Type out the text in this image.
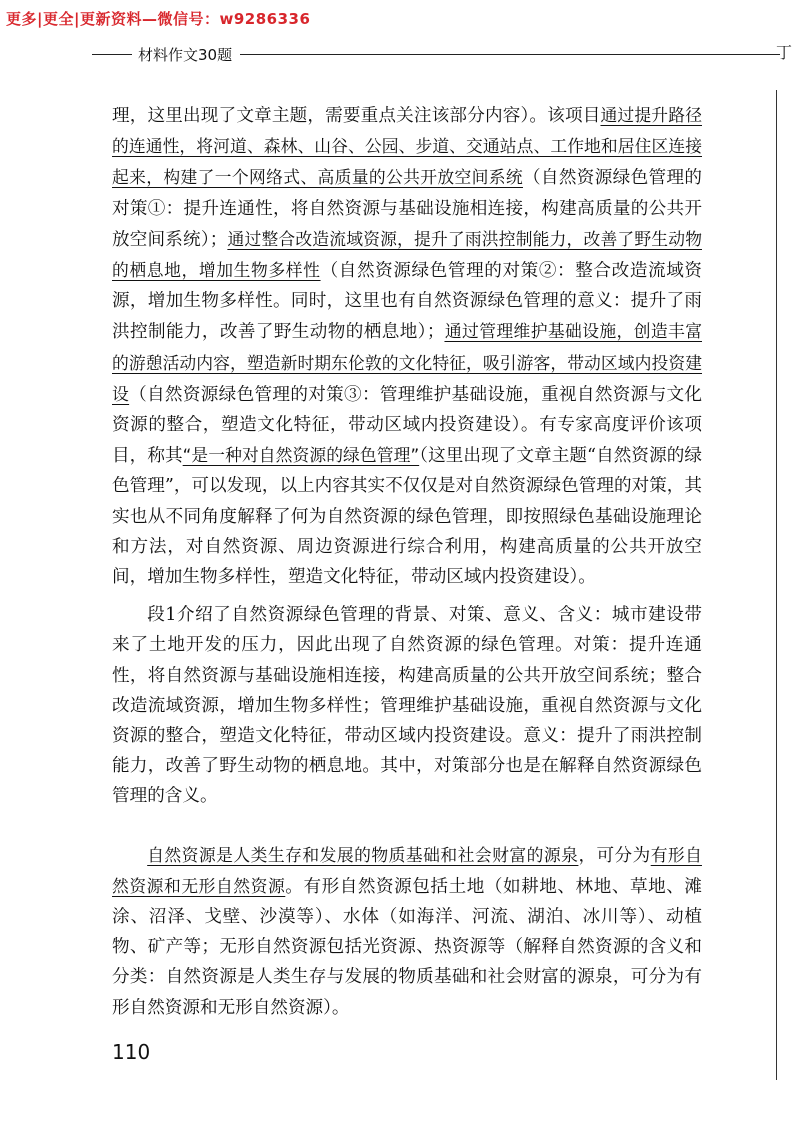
更多|更全|更新资料—微信号：w9286336
材料作文30题	丁
理，这里出现了文章主题，需要重点关注该部分内容）。该项目通过提升路径的连通性，将河道、森林、山谷、公园、步道、交通站点、工作地和居住区连接起来，构建了一个网络式、高质量的公共开放空间系统（自然资源绿色管理的对策①：提升连通性，将自然资源与基础设施相连接，构建高质量的公共开放空间系统）；通过整合改造流域资源，提升了雨洪控制能力，改善了野生动物的栖息地，增加生物多样性（自然资源绿色管理的对策②：整合改造流域资源，增加生物多样性。同时，这里也有自然资源绿色管理的意义：提升了雨洪控制能力，改善了野生动物的栖息地）；通过管理维护基础设施，创造丰富的游憩活动内容，塑造新时期东伦敦的文化特征，吸引游客，带动区域内投资建设（自然资源绿色管理的对策③：管理维护基础设施，重视自然资源与文化资源的整合，塑造文化特征，带动区域内投资建设）。有专家高度评价该项目，称其“是一种对自然资源的绿色管理”（这里出现了文章主题“自然资源的绿色管理”，可以发现，以上内容其实不仅仅是对自然资源绿色管理的对策，其实也从不同角度解释了何为自然资源的绿色管理，即按照绿色基础设施理论和方法，对自然资源、周边资源进行综合利用，构建高质量的公共开放空间，增加生物多样性，塑造文化特征，带动区域内投资建设）。
段1介绍了自然资源绿色管理的背景、对策、意义、含义：城市建设带来了土地开发的压力，因此出现了自然资源的绿色管理。对策：提升连通性，将自然资源与基础设施相连接，构建高质量的公共开放空间系统；整合改造流域资源，增加生物多样性；管理维护基础设施，重视自然资源与文化资源的整合，塑造文化特征，带动区域内投资建设。意义：提升了雨洪控制能力，改善了野生动物的栖息地。其中，对策部分也是在解释自然资源绿色管理的含义。
自然资源是人类生存和发展的物质基础和社会财富的源泉，可分为有形自然资源和无形自然资源。有形自然资源包括土地（如耕地、林地、草地、滩涂、沼泽、戈壁、沙漠等）、水体（如海洋、河流、湖泊、冰川等）、动植物、矿产等；无形自然资源包括光资源、热资源等（解释自然资源的含义和分类：自然资源是人类生存与发展的物质基础和社会财富的源泉，可分为有形自然资源和无形自然资源）。
110
